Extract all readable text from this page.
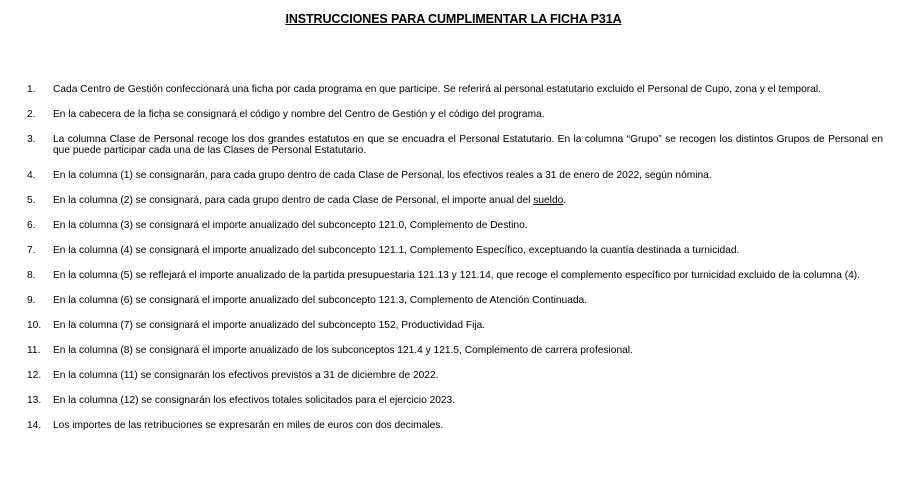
INSTRUCCIONES PARA CUMPLIMENTAR LA FICHA P31A
1.	Cada Centro de Gestión confeccionará una ficha por cada programa en que participe. Se referirá al personal estatutario excluido el Personal de Cupo, zona y el temporal.
2.	En la cabecera de la ficha se consignará el código y nombre del Centro de Gestión y el código del programa.
3.	La columna Clase de Personal recoge los dos grandes estatutos en que se encuadra el Personal Estatutario. En la columna “Grupo” se recogen los distintos Grupos de Personal en que puede participar cada una de las Clases de Personal Estatutario.
4.	En la columna (1) se consignarán, para cada grupo dentro de cada Clase de Personal, los efectivos reales a 31 de enero de 2022, según nómina.
5.	En la columna (2) se consignará, para cada grupo dentro de cada Clase de Personal, el importe anual del sueldo.
6.	En la columna (3) se consignará el importe anualizado del subconcepto 121.0, Complemento de Destino.
7.	En la columna (4) se consignará el importe anualizado del subconcepto 121.1, Complemento Específico, exceptuando la cuantía destinada a turnicidad.
8.	En la columna (5) se reflejará el importe anualizado de la partida presupuestaria 121.13 y 121.14, que recoge el complemento específico por turnicidad excluido de la columna (4).
9.	En la columna (6) se consignará el importe anualizado del subconcepto 121.3, Complemento de Atención Continuada.
10.	En la columna (7) se consignará el importe anualizado del subconcepto 152, Productividad Fija.
11.	En la columna (8) se consignará el importe anualizado de los subconceptos 121.4 y 121.5, Complemento de carrera profesional.
12.	En la columna (11) se consignarán los efectivos previstos a 31 de diciembre de 2022.
13.	En la columna (12) se consignarán los efectivos totales solicitados para el ejercicio 2023.
14.	Los importes de las retribuciones se expresarán en miles de euros con dos decimales.
